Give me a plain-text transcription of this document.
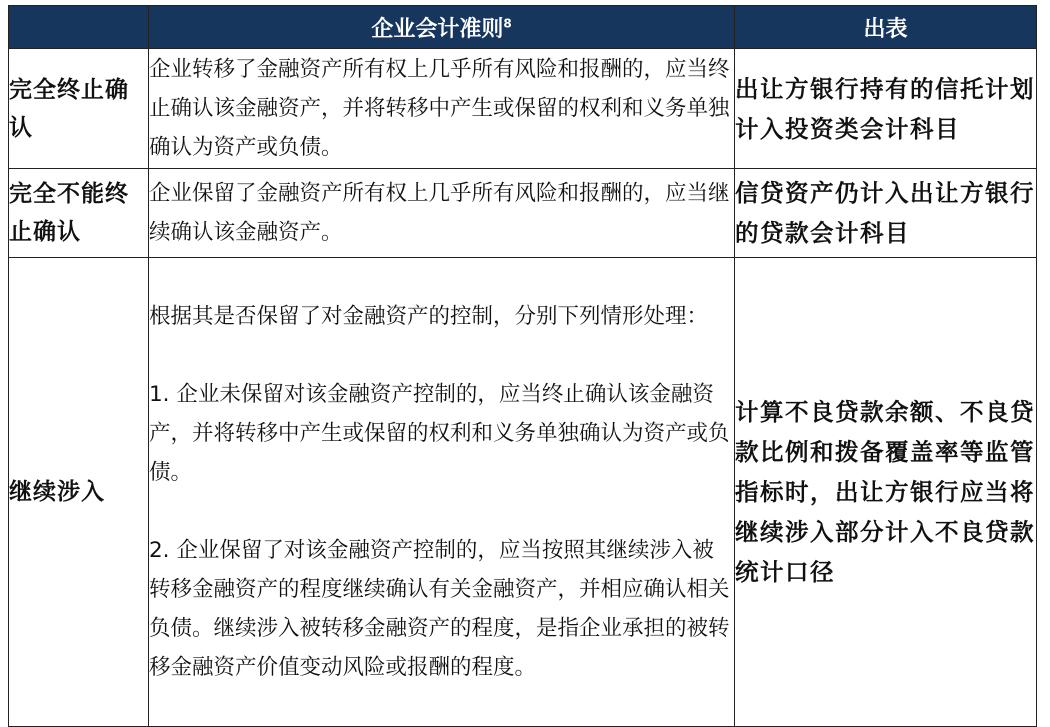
	企业会计准则$^8$	出表
完全终止确认	企业转移了金融资产所有权上几乎所有风险和报酬的，应当终止确认该金融资产，并将转移中产生或保留的权利和义务单独确认为资产或负债。	出让方银行持有的信托计划计入投资类会计科目
完全不能终止确认	企业保留了金融资产所有权上几乎所有风险和报酬的，应当继续确认该金融资产。	信贷资产仍计入出让方银行的贷款会计科目
继续涉入	根据其是否保留了对金融资产的控制，分别下列情形处理：

1. 企业未保留对该金融资产控制的，应当终止确认该金融资产，并将转移中产生或保留的权利和义务单独确认为资产或负债。

2. 企业保留了对该金融资产控制的，应当按照其继续涉入被转移金融资产的程度继续确认有关金融资产，并相应确认相关负债。继续涉入被转移金融资产的程度，是指企业承担的被转移金融资产价值变动风险或报酬的程度。	计算不良贷款余额、不良贷款比例和拨备覆盖率等监管指标时，出让方银行应当将继续涉入部分计入不良贷款统计口径
